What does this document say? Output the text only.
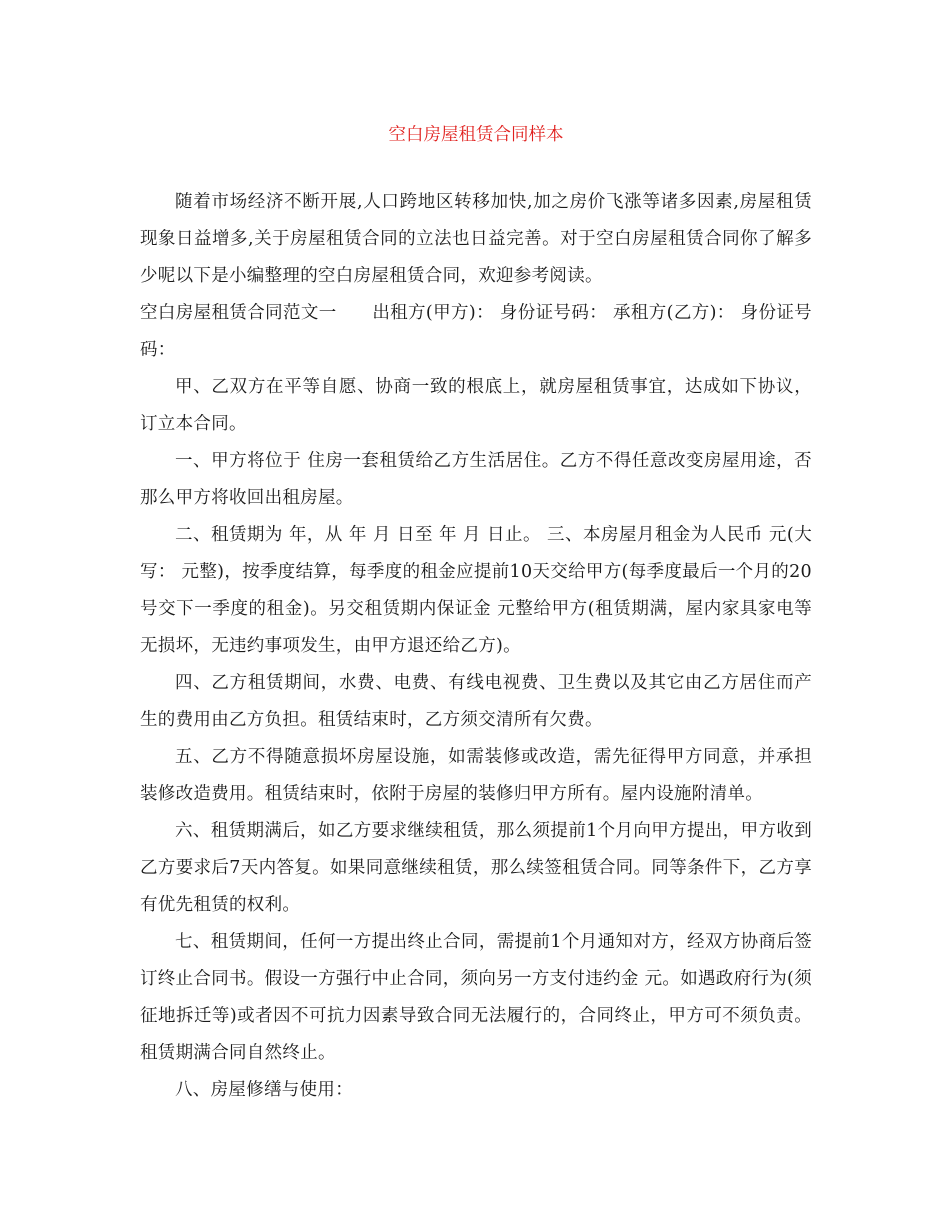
空白房屋租赁合同样本

随着市场经济不断开展,人口跨地区转移加快,加之房价飞涨等诸多因素,房屋租赁现象日益增多,关于房屋租赁合同的立法也日益完善。对于空白房屋租赁合同你了解多少呢以下是小编整理的空白房屋租赁合同，欢迎参考阅读。

空白房屋租赁合同范文一　　出租方(甲方)： 身份证号码： 承租方(乙方)： 身份证号码：

甲、乙双方在平等自愿、协商一致的根底上，就房屋租赁事宜，达成如下协议，订立本合同。

一、甲方将位于 住房一套租赁给乙方生活居住。乙方不得任意改变房屋用途，否那么甲方将收回出租房屋。

二、租赁期为 年，从 年 月 日至 年 月 日止。 三、本房屋月租金为人民币 元(大写： 元整)，按季度结算，每季度的租金应提前10天交给甲方(每季度最后一个月的20号交下一季度的租金)。另交租赁期内保证金 元整给甲方(租赁期满，屋内家具家电等无损坏，无违约事项发生，由甲方退还给乙方)。

四、乙方租赁期间，水费、电费、有线电视费、卫生费以及其它由乙方居住而产生的费用由乙方负担。租赁结束时，乙方须交清所有欠费。

五、乙方不得随意损坏房屋设施，如需装修或改造，需先征得甲方同意，并承担装修改造费用。租赁结束时，依附于房屋的装修归甲方所有。屋内设施附清单。

六、租赁期满后，如乙方要求继续租赁，那么须提前1个月向甲方提出，甲方收到乙方要求后7天内答复。如果同意继续租赁，那么续签租赁合同。同等条件下，乙方享有优先租赁的权利。

七、租赁期间，任何一方提出终止合同，需提前1个月通知对方，经双方协商后签订终止合同书。假设一方强行中止合同，须向另一方支付违约金 元。如遇政府行为(须征地拆迁等)或者因不可抗力因素导致合同无法履行的，合同终止，甲方可不须负责。租赁期满合同自然终止。

八、房屋修缮与使用：
